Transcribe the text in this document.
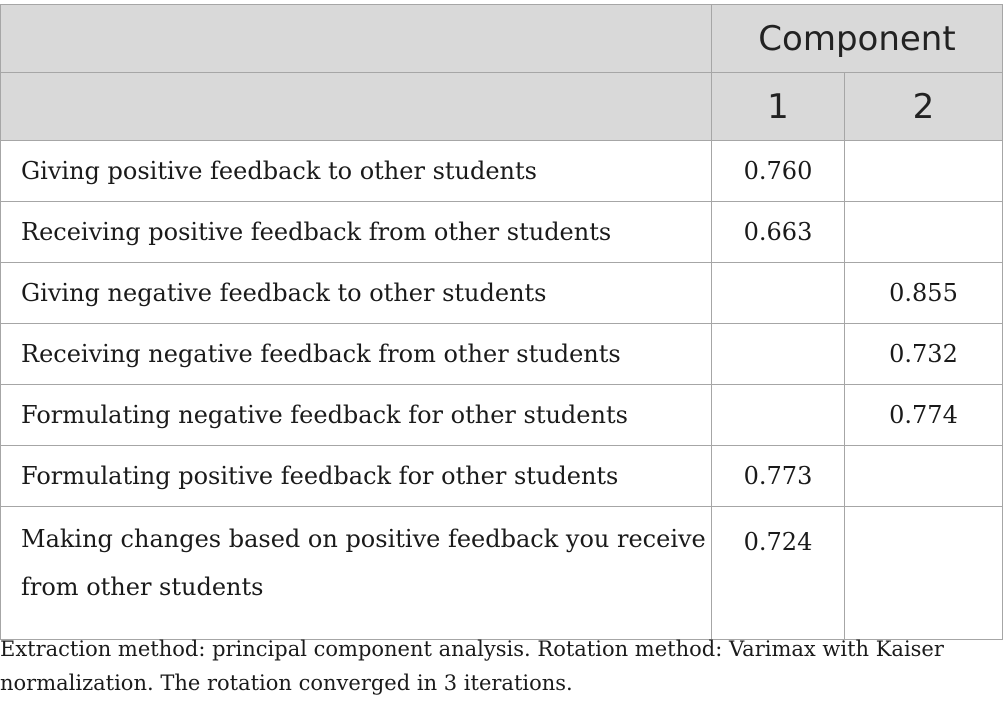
	Component	
	1	2
Giving positive feedback to other students	0.760	
Receiving positive feedback from other students	0.663	
Giving negative feedback to other students		0.855
Receiving negative feedback from other students		0.732
Formulating negative feedback for other students		0.774
Formulating positive feedback for other students	0.773	
Making changes based on positive feedback you receive from other students	0.724	
Extraction method: principal component analysis. Rotation method: Varimax with Kaiser normalization. The rotation converged in 3 iterations.
